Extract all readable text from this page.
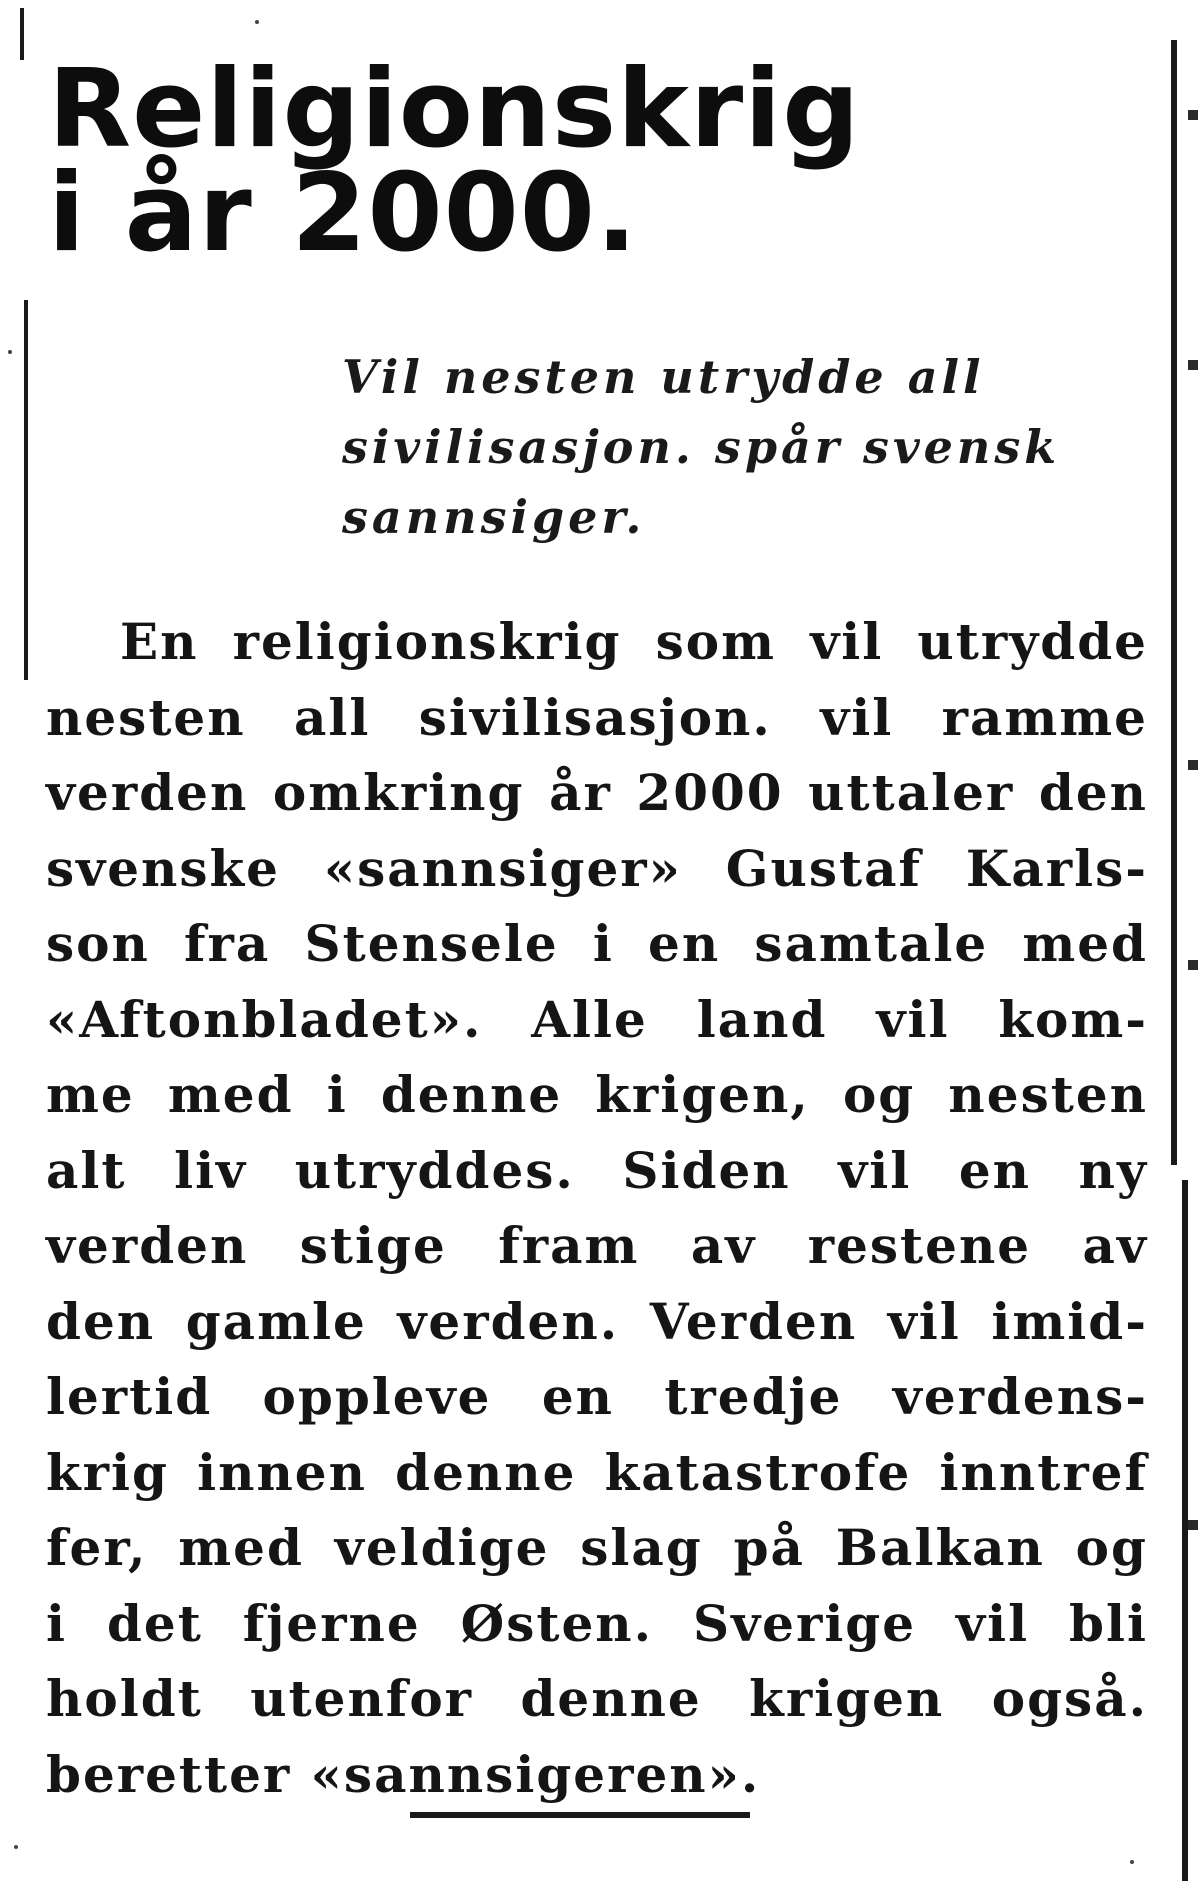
Religionskrig
i år 2000.
Vil nesten utrydde all
sivilisasjon. spår svensk
sannsiger.
En religionskrig som vil utrydde
nesten all sivilisasjon. vil ramme
verden omkring år 2000 uttaler den
svenske «sannsiger» Gustaf Karls-
son fra Stensele i en samtale med
«Aftonbladet». Alle land vil kom-
me med i denne krigen, og nesten
alt liv utryddes. Siden vil en ny
verden stige fram av restene av
den gamle verden. Verden vil imid-
lertid oppleve en tredje verdens-
krig innen denne katastrofe inntref
fer, med veldige slag på Balkan og
i det fjerne Østen. Sverige vil bli
holdt utenfor denne krigen også.
beretter «sannsigeren».
